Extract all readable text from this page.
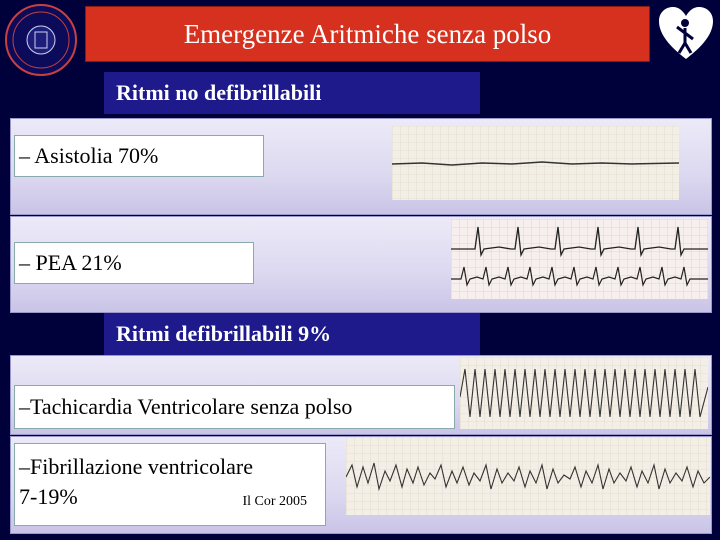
Emergenze Aritmiche senza polso
Ritmi no defibrillabili
– Asistolia 70%
– PEA 21%
Ritmi defibrillabili 9%
–Tachicardia Ventricolare senza polso
–Fibrillazione ventricolare
7-19%	Il Cor 2005
